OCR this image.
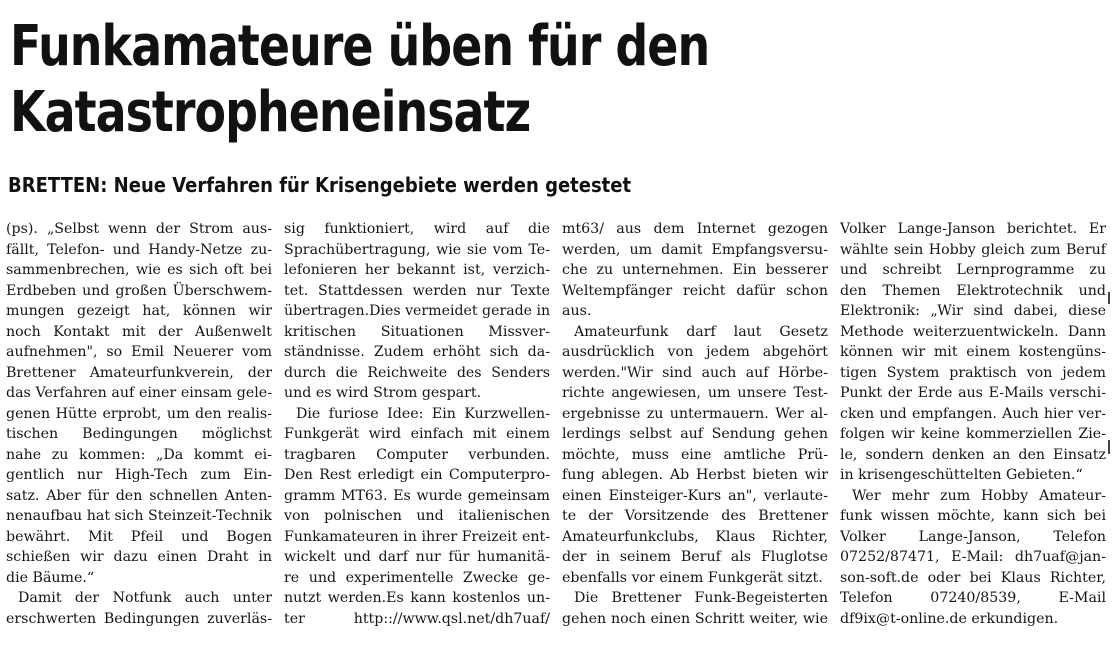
Funkamateure üben für den
Katastropheneinsatz
BRETTEN: Neue Verfahren für Krisengebiete werden getestet
(ps). „Selbst wenn der Strom aus-
fällt, Telefon- und Handy-Netze zu-
sammenbrechen, wie es sich oft bei
Erdbeben und großen Überschwem-
mungen gezeigt hat, können wir
noch Kontakt mit der Außenwelt
aufnehmen", so Emil Neuerer vom
Brettener Amateurfunkverein, der
das Verfahren auf einer einsam gele-
genen Hütte erprobt, um den realis-
tischen Bedingungen möglichst
nahe zu kommen: „Da kommt ei-
gentlich nur High-Tech zum Ein-
satz. Aber für den schnellen Anten-
nenaufbau hat sich Steinzeit-Technik
bewährt. Mit Pfeil und Bogen
schießen wir dazu einen Draht in
die Bäume.“
Damit der Notfunk auch unter
erschwerten Bedingungen zuverläs-
sig funktioniert, wird auf die
Sprachübertragung, wie sie vom Te-
lefonieren her bekannt ist, verzich-
tet. Stattdessen werden nur Texte
übertragen.Dies vermeidet gerade in
kritischen Situationen Missver-
ständnisse. Zudem erhöht sich da-
durch die Reichweite des Senders
und es wird Strom gespart.
Die furiose Idee: Ein Kurzwellen-
Funkgerät wird einfach mit einem
tragbaren Computer verbunden.
Den Rest erledigt ein Computerpro-
gramm MT63. Es wurde gemeinsam
von polnischen und italienischen
Funkamateuren in ihrer Freizeit ent-
wickelt und darf nur für humanitä-
re und experimentelle Zwecke ge-
nutzt werden.Es kann kostenlos un-
ter http:://www.qsl.net/dh7uaf/
mt63/ aus dem Internet gezogen
werden, um damit Empfangsversu-
che zu unternehmen. Ein besserer
Weltempfänger reicht dafür schon
aus.
Amateurfunk darf laut Gesetz
ausdrücklich von jedem abgehört
werden."Wir sind auch auf Hörbe-
richte angewiesen, um unsere Test-
ergebnisse zu untermauern. Wer al-
lerdings selbst auf Sendung gehen
möchte, muss eine amtliche Prü-
fung ablegen. Ab Herbst bieten wir
einen Einsteiger-Kurs an", verlaute-
te der Vorsitzende des Brettener
Amateurfunkclubs, Klaus Richter,
der in seinem Beruf als Fluglotse
ebenfalls vor einem Funkgerät sitzt.
Die Brettener Funk-Begeisterten
gehen noch einen Schritt weiter, wie
Volker Lange-Janson berichtet. Er
wählte sein Hobby gleich zum Beruf
und schreibt Lernprogramme zu
den Themen Elektrotechnik und
Elektronik: „Wir sind dabei, diese
Methode weiterzuentwickeln. Dann
können wir mit einem kostengüns-
tigen System praktisch von jedem
Punkt der Erde aus E-Mails verschi-
cken und empfangen. Auch hier ver-
folgen wir keine kommerziellen Zie-
le, sondern denken an den Einsatz
in krisengeschüttelten Gebieten.“
Wer mehr zum Hobby Amateur-
funk wissen möchte, kann sich bei
Volker Lange-Janson, Telefon
07252/87471, E-Mail: dh7uaf@jan-
son-soft.de oder bei Klaus Richter,
Telefon 07240/8539, E-Mail
df9ix@t-online.de erkundigen.
